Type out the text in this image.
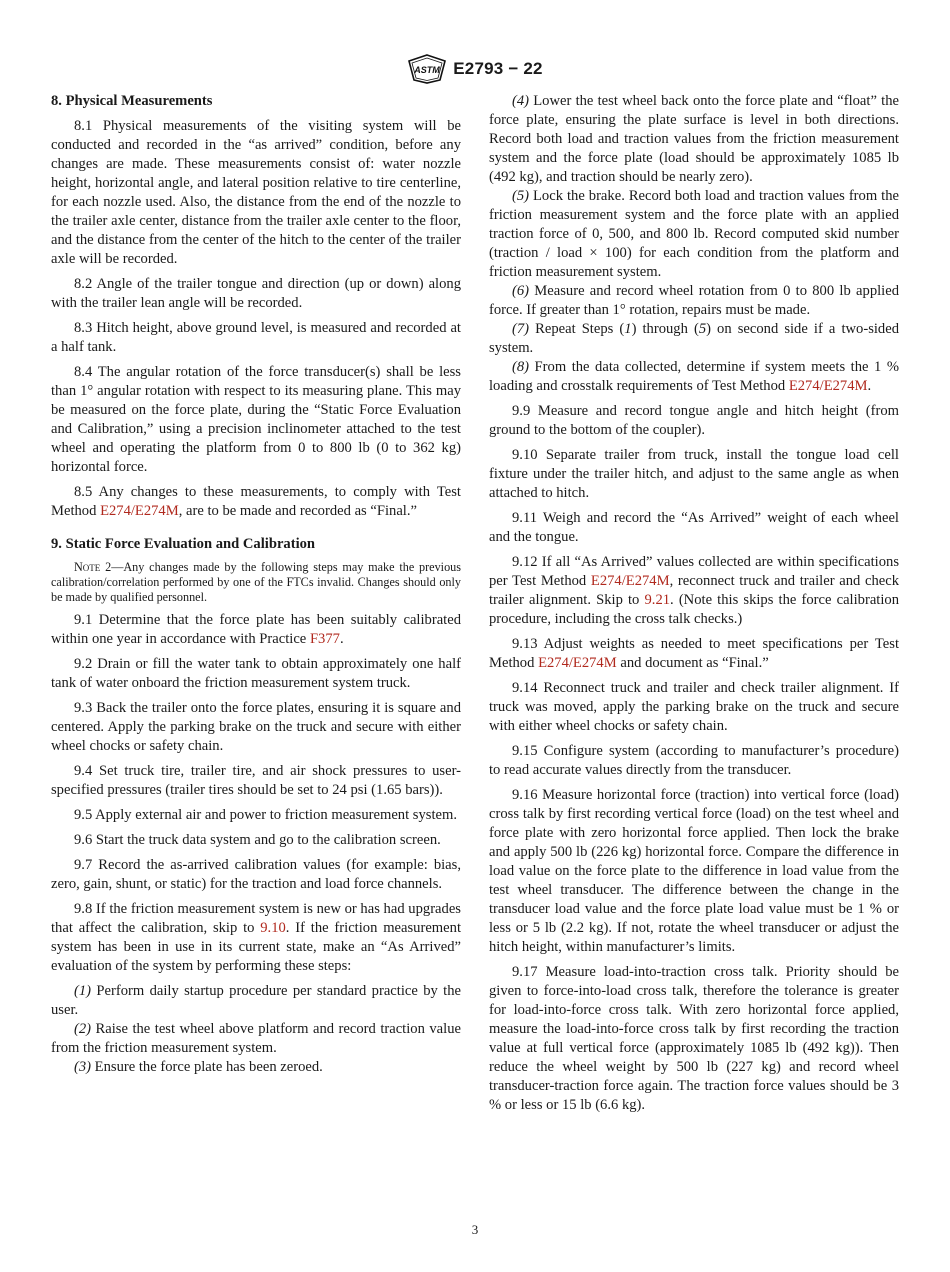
ASTM E2793 − 22
8. Physical Measurements

8.1 Physical measurements of the visiting system will be conducted and recorded in the “as arrived” condition, before any changes are made. These measurements consist of: water nozzle height, horizontal angle, and lateral position relative to tire centerline, for each nozzle used. Also, the distance from the end of the nozzle to the trailer axle center, distance from the trailer axle center to the floor, and the distance from the center of the hitch to the center of the trailer axle will be recorded.

8.2 Angle of the trailer tongue and direction (up or down) along with the trailer lean angle will be recorded.

8.3 Hitch height, above ground level, is measured and recorded at a half tank.

8.4 The angular rotation of the force transducer(s) shall be less than 1° angular rotation with respect to its measuring plane. This may be measured on the force plate, during the “Static Force Evaluation and Calibration,” using a precision inclinometer attached to the test wheel and operating the platform from 0 to 800 lb (0 to 362 kg) horizontal force.

8.5 Any changes to these measurements, to comply with Test Method E274/E274M, are to be made and recorded as “Final.”

9. Static Force Evaluation and Calibration
Note 2—Any changes made by the following steps may make the previous calibration/correlation performed by one of the FTCs invalid. Changes should only be made by qualified personnel.

9.1 Determine that the force plate has been suitably calibrated within one year in accordance with Practice F377.

9.2 Drain or fill the water tank to obtain approximately one half tank of water onboard the friction measurement system truck.

9.3 Back the trailer onto the force plates, ensuring it is square and centered. Apply the parking brake on the truck and secure with either wheel chocks or safety chain.

9.4 Set truck tire, trailer tire, and air shock pressures to user-specified pressures (trailer tires should be set to 24 psi (1.65 bars)).

9.5 Apply external air and power to friction measurement system.

9.6 Start the truck data system and go to the calibration screen.

9.7 Record the as-arrived calibration values (for example: bias, zero, gain, shunt, or static) for the traction and load force channels.

9.8 If the friction measurement system is new or has had upgrades that affect the calibration, skip to 9.10. If the friction measurement system has been in use in its current state, make an “As Arrived” evaluation of the system by performing these steps:

(1) Perform daily startup procedure per standard practice by the user.

(2) Raise the test wheel above platform and record traction value from the friction measurement system.

(3) Ensure the force plate has been zeroed.

(4) Lower the test wheel back onto the force plate and “float” the force plate, ensuring the plate surface is level in both directions. Record both load and traction values from the friction measurement system and the force plate (load should be approximately 1085 lb (492 kg), and traction should be nearly zero).

(5) Lock the brake. Record both load and traction values from the friction measurement system and the force plate with an applied traction force of 0, 500, and 800 lb. Record computed skid number (traction / load × 100) for each condition from the platform and friction measurement system.

(6) Measure and record wheel rotation from 0 to 800 lb applied force. If greater than 1° rotation, repairs must be made.

(7) Repeat Steps (1) through (5) on second side if a two-sided system.

(8) From the data collected, determine if system meets the 1 % loading and crosstalk requirements of Test Method E274/E274M.

9.9 Measure and record tongue angle and hitch height (from ground to the bottom of the coupler).

9.10 Separate trailer from truck, install the tongue load cell fixture under the trailer hitch, and adjust to the same angle as when attached to hitch.

9.11 Weigh and record the “As Arrived” weight of each wheel and the tongue.

9.12 If all “As Arrived” values collected are within specifications per Test Method E274/E274M, reconnect truck and trailer and check trailer alignment. Skip to 9.21. (Note this skips the force calibration procedure, including the cross talk checks.)

9.13 Adjust weights as needed to meet specifications per Test Method E274/E274M and document as “Final.”

9.14 Reconnect truck and trailer and check trailer alignment. If truck was moved, apply the parking brake on the truck and secure with either wheel chocks or safety chain.

9.15 Configure system (according to manufacturer’s procedure) to read accurate values directly from the transducer.

9.16 Measure horizontal force (traction) into vertical force (load) cross talk by first recording vertical force (load) on the test wheel and force plate with zero horizontal force applied. Then lock the brake and apply 500 lb (226 kg) horizontal force. Compare the difference in load value on the force plate to the difference in load value from the test wheel transducer. The difference between the change in the transducer load value and the force plate load value must be 1 % or less or 5 lb (2.2 kg). If not, rotate the wheel transducer or adjust the hitch height, within manufacturer’s limits.

9.17 Measure load-into-traction cross talk. Priority should be given to force-into-load cross talk, therefore the tolerance is greater for load-into-force cross talk. With zero horizontal force applied, measure the load-into-force cross talk by first recording the traction value at full vertical force (approximately 1085 lb (492 kg)). Then reduce the wheel weight by 500 lb (227 kg) and record wheel transducer-traction force again. The traction force values should be 3 % or less or 15 lb (6.6 kg).

3
